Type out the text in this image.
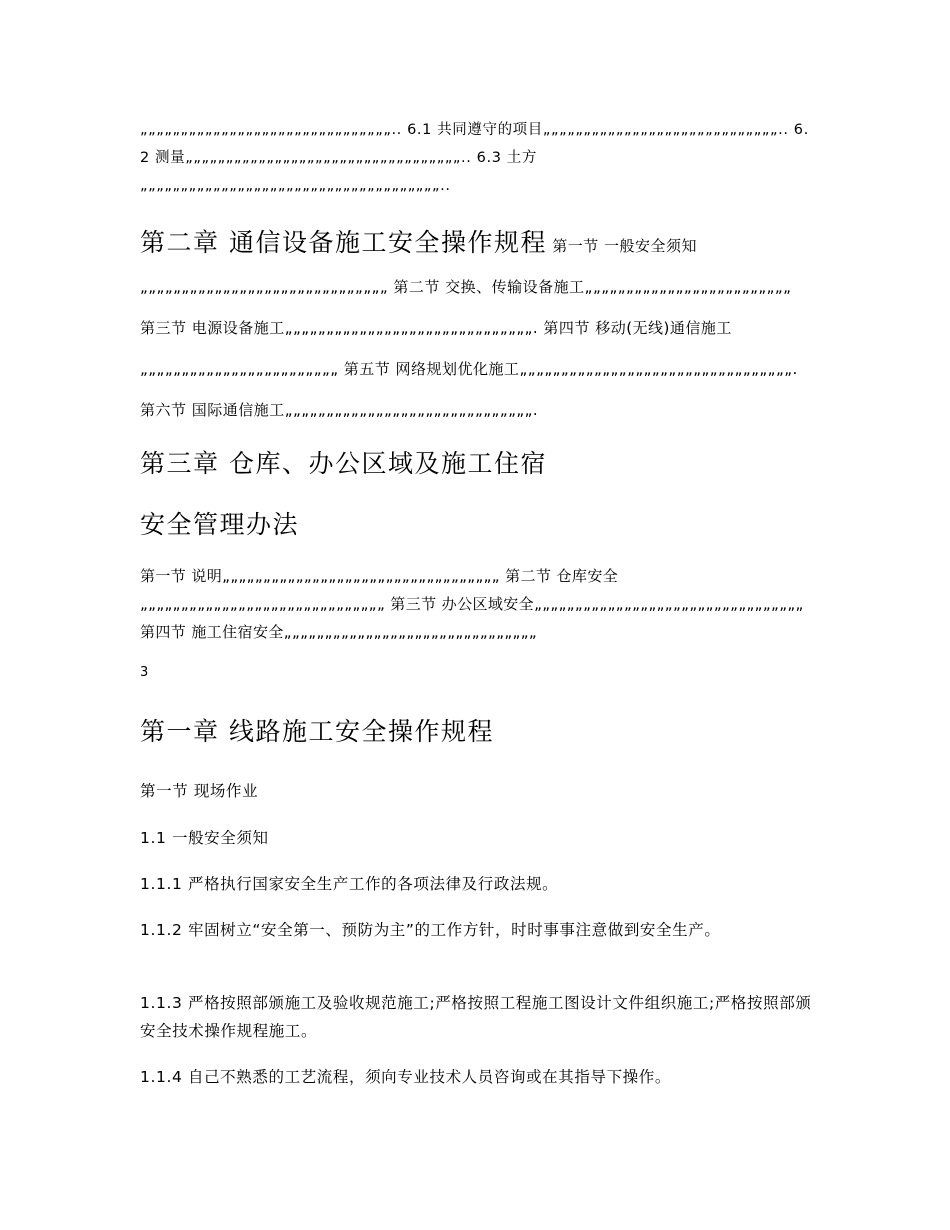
„„„„„„„„„„„„„„„„„„„„„„„„„„„„„„„.. 6.1 共同遵守的项目„„„„„„„„„„„„„„„„„„„„„„„„„„„„„.. 6.2 测量„„„„„„„„„„„„„„„„„„„„„„„„„„„„„„„„„„.. 6.3 土方„„„„„„„„„„„„„„„„„„„„„„„„„„„„„„„„„„„„„..

第二章 通信设备施工安全操作规程 第一节 一般安全须知„„„„„„„„„„„„„„„„„„„„„„„„„„„„„„ 第二节 交换、传输设备施工„„„„„„„„„„„„„„„„„„„„„„„„„ 第三节 电源设备施工„„„„„„„„„„„„„„„„„„„„„„„„„„„„„„. 第四节 移动(无线)通信施工„„„„„„„„„„„„„„„„„„„„„„„„ 第五节 网络规划优化施工„„„„„„„„„„„„„„„„„„„„„„„„„„„„„„„„„. 第六节 国际通信施工„„„„„„„„„„„„„„„„„„„„„„„„„„„„„„.

第三章 仓库、办公区域及施工住宿

安全管理办法

第一节 说明„„„„„„„„„„„„„„„„„„„„„„„„„„„„„„„„„„ 第二节 仓库安全„„„„„„„„„„„„„„„„„„„„„„„„„„„„„„ 第三节 办公区域安全„„„„„„„„„„„„„„„„„„„„„„„„„„„„„„„„„ 第四节 施工住宿安全„„„„„„„„„„„„„„„„„„„„„„„„„„„„„„„

3

第一章 线路施工安全操作规程

第一节 现场作业

1.1 一般安全须知

1.1.1 严格执行国家安全生产工作的各项法律及行政法规。

1.1.2 牢固树立“安全第一、预防为主”的工作方针，时时事事注意做到安全生产。

1.1.3 严格按照部颁施工及验收规范施工;严格按照工程施工图设计文件组织施工;严格按照部颁安全技术操作规程施工。

1.1.4 自己不熟悉的工艺流程，须向专业技术人员咨询或在其指导下操作。
